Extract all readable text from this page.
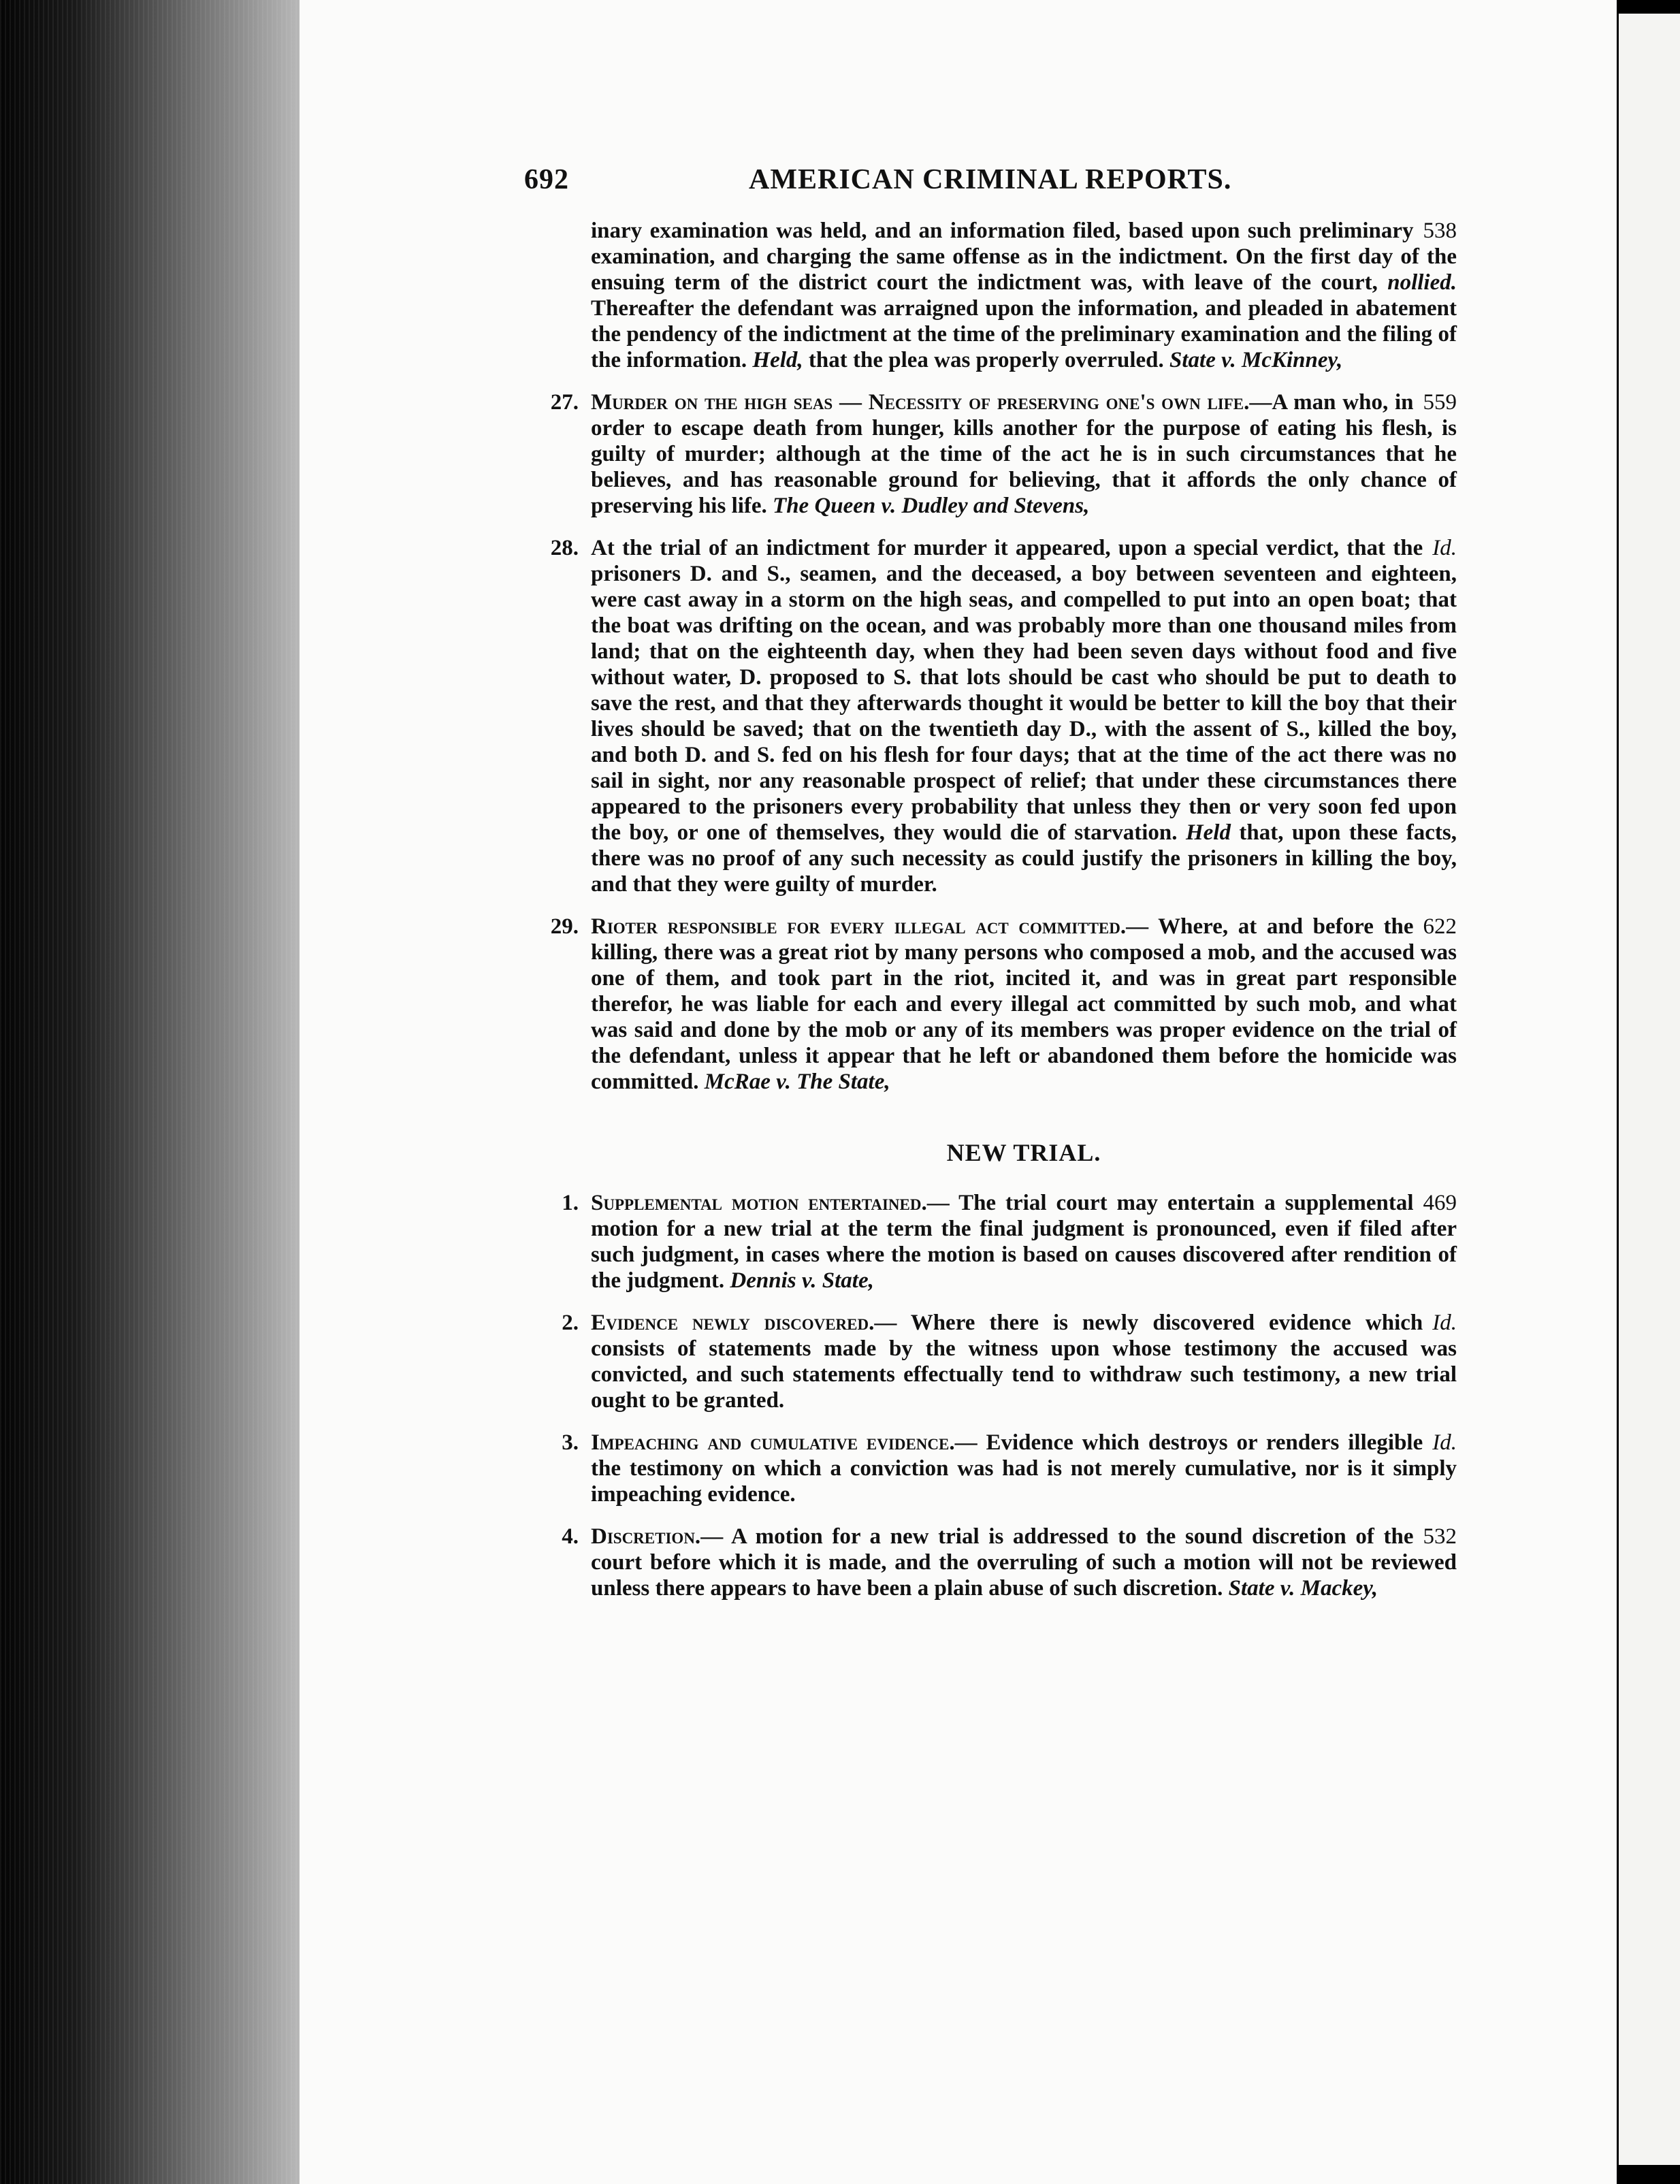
692	AMERICAN CRIMINAL REPORTS.
538
inary examination was held, and an information filed, based upon such preliminary examination, and charging the same offense as in the indictment. On the first day of the ensuing term of the district court the indictment was, with leave of the court, nollied. Thereafter the defendant was arraigned upon the information, and pleaded in abatement the pendency of the indictment at the time of the preliminary examination and the filing of the information. Held, that the plea was properly overruled. State v. McKinney,
27.	559
Murder on the high seas — Necessity of preserving one's own life.—A man who, in order to escape death from hunger, kills another for the purpose of eating his flesh, is guilty of murder; although at the time of the act he is in such circumstances that he believes, and has reasonable ground for believing, that it affords the only chance of preserving his life. The Queen v. Dudley and Stevens,
28.	Id.
At the trial of an indictment for murder it appeared, upon a special verdict, that the prisoners D. and S., seamen, and the deceased, a boy between seventeen and eighteen, were cast away in a storm on the high seas, and compelled to put into an open boat; that the boat was drifting on the ocean, and was probably more than one thousand miles from land; that on the eighteenth day, when they had been seven days without food and five without water, D. proposed to S. that lots should be cast who should be put to death to save the rest, and that they afterwards thought it would be better to kill the boy that their lives should be saved; that on the twentieth day D., with the assent of S., killed the boy, and both D. and S. fed on his flesh for four days; that at the time of the act there was no sail in sight, nor any reasonable prospect of relief; that under these circumstances there appeared to the prisoners every probability that unless they then or very soon fed upon the boy, or one of themselves, they would die of starvation. Held that, upon these facts, there was no proof of any such necessity as could justify the prisoners in killing the boy, and that they were guilty of murder.
29.	622
Rioter responsible for every illegal act committed.— Where, at and before the killing, there was a great riot by many persons who composed a mob, and the accused was one of them, and took part in the riot, incited it, and was in great part responsible therefor, he was liable for each and every illegal act committed by such mob, and what was said and done by the mob or any of its members was proper evidence on the trial of the defendant, unless it appear that he left or abandoned them before the homicide was committed. McRae v. The State,
NEW TRIAL.
1.	469
Supplemental motion entertained.— The trial court may entertain a supplemental motion for a new trial at the term the final judgment is pronounced, even if filed after such judgment, in cases where the motion is based on causes discovered after rendition of the judgment. Dennis v. State,
2.	Id.
Evidence newly discovered.— Where there is newly discovered evidence which consists of statements made by the witness upon whose testimony the accused was convicted, and such statements effectually tend to withdraw such testimony, a new trial ought to be granted.
3.	Id.
Impeaching and cumulative evidence.— Evidence which destroys or renders illegible the testimony on which a conviction was had is not merely cumulative, nor is it simply impeaching evidence.
4.	532
Discretion.— A motion for a new trial is addressed to the sound discretion of the court before which it is made, and the overruling of such a motion will not be reviewed unless there appears to have been a plain abuse of such discretion. State v. Mackey,
